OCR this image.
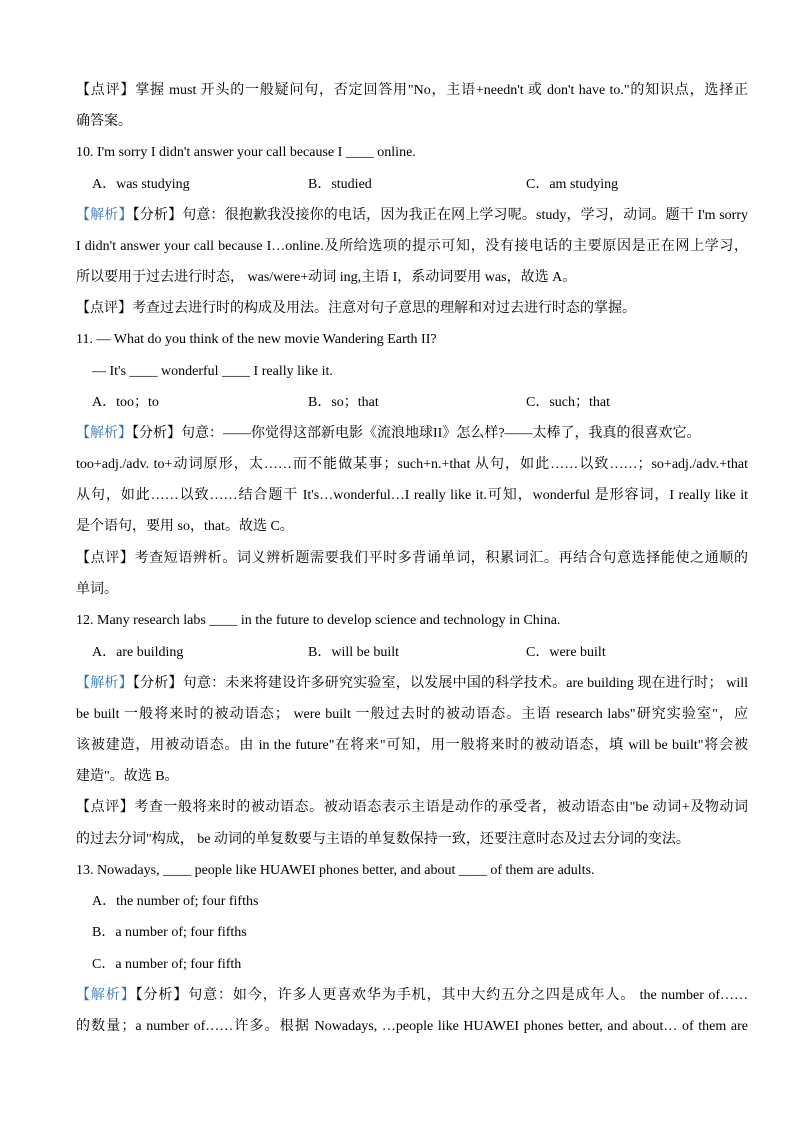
【点评】掌握 must 开头的一般疑问句，否定回答用"No，主语+needn't 或 don't have to."的知识点，选择正
确答案。
10. I'm sorry I didn't answer your call because I ____ online.
A．was studying	B．studied	C．am studying
【解析】【分析】句意：很抱歉我没接你的电话，因为我正在网上学习呢。study，学习，动词。题干 I'm sorry
I didn't answer your call because I…online.及所给选项的提示可知，没有接电话的主要原因是正在网上学习，
所以要用于过去进行时态， was/were+动词 ing,主语 I，系动词要用 was，故选 A。
【点评】考查过去进行时的构成及用法。注意对句子意思的理解和对过去进行时态的掌握。
11. — What do you think of the new movie Wandering Earth II?
— It's ____ wonderful ____ I really like it.
A．too；to	B．so；that	C．such；that
【解析】【分析】句意：——你觉得这部新电影《流浪地球II》怎么样?——太棒了，我真的很喜欢它。
too+adj./adv. to+动词原形，太……而不能做某事；such+n.+that 从句，如此……以致……；so+adj./adv.+that
从句，如此……以致……结合题干 It's…wonderful…I really like it.可知，wonderful 是形容词，I really like it
是个语句，要用 so，that。故选 C。
【点评】考查短语辨析。词义辨析题需要我们平时多背诵单词，积累词汇。再结合句意选择能使之通顺的
单词。
12. Many research labs ____ in the future to develop science and technology in China.
A．are building	B．will be built	C．were built
【解析】【分析】句意：未来将建设许多研究实验室，以发展中国的科学技术。are building 现在进行时； will
be built 一般将来时的被动语态； were built 一般过去时的被动语态。主语 research labs"研究实验室"，应
该被建造，用被动语态。由 in the future"在将来"可知，用一般将来时的被动语态，填 will be built"将会被
建造"。故选 B。
【点评】考查一般将来时的被动语态。被动语态表示主语是动作的承受者，被动语态由"be 动词+及物动词
的过去分词"构成， be 动词的单复数要与主语的单复数保持一致，还要注意时态及过去分词的变法。
13. Nowadays, ____ people like HUAWEI phones better, and about ____ of them are adults.
A．the number of; four fifths
B．a number of; four fifths
C．a number of; four fifth
【解析】【分析】句意：如今，许多人更喜欢华为手机，其中大约五分之四是成年人。 the number of……
的数量；a number of……许多。根据 Nowadays, …people like HUAWEI phones better, and about… of them are
